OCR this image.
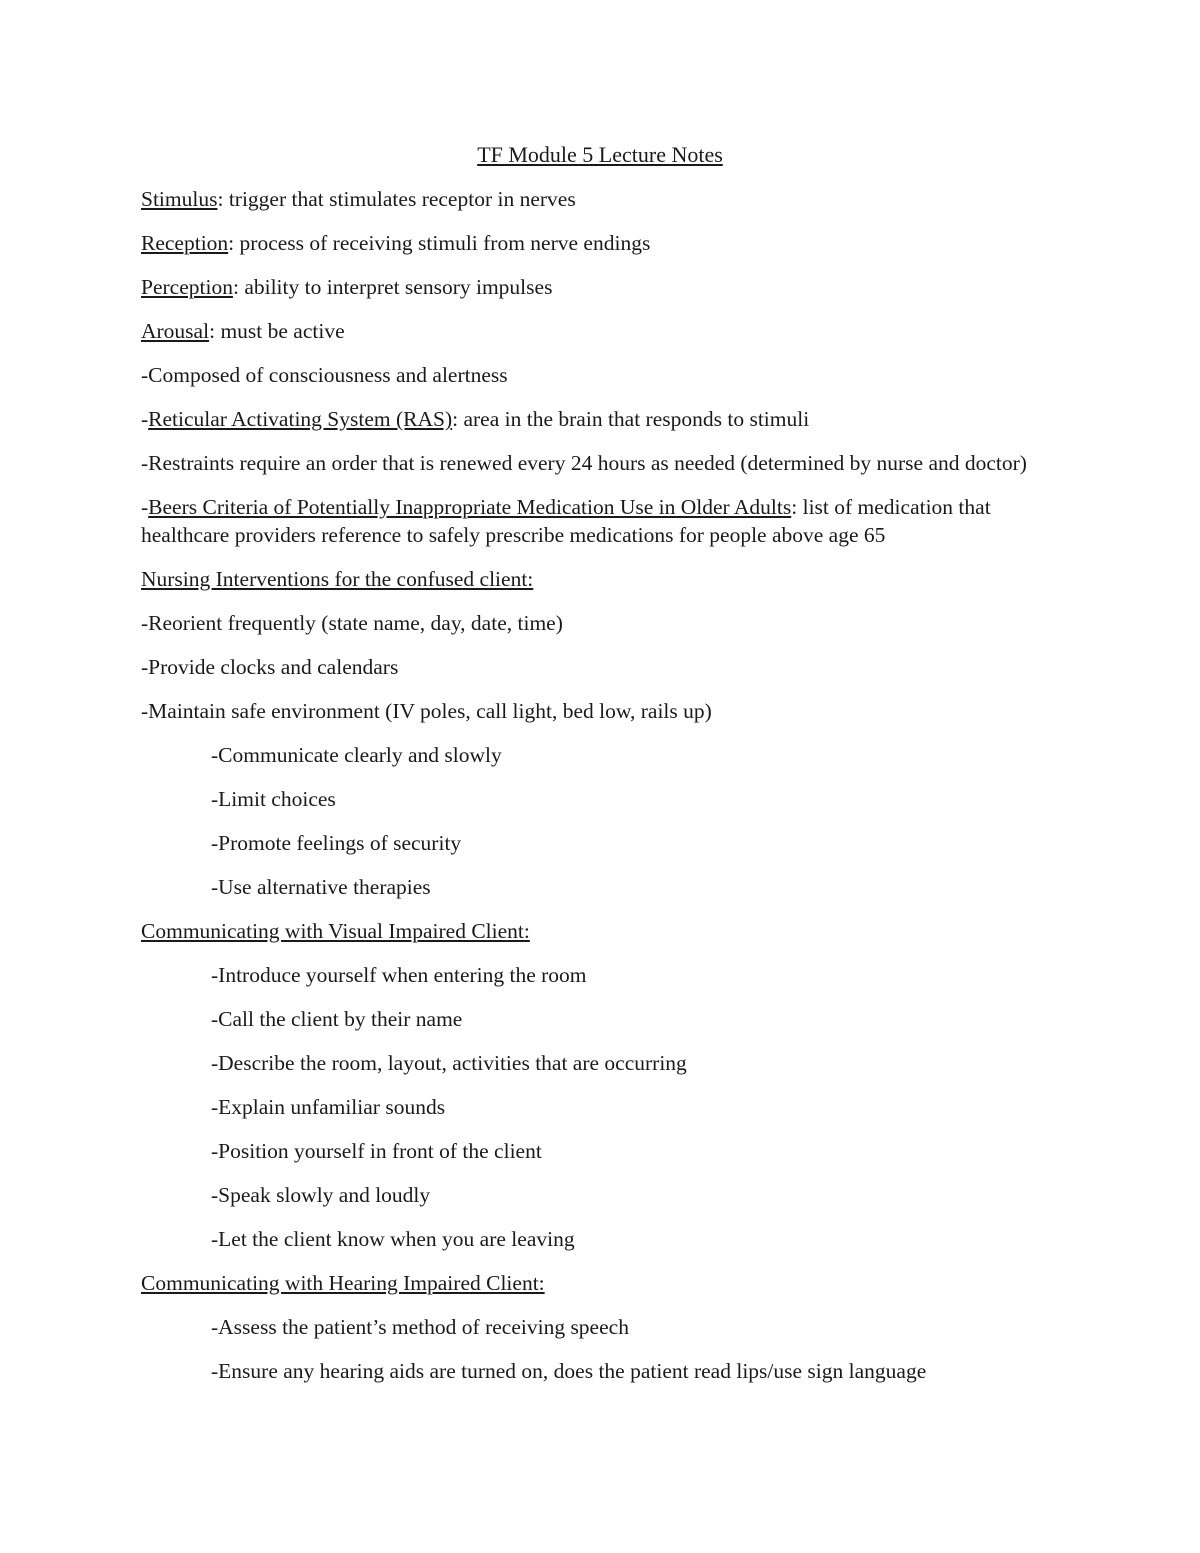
TF Module 5 Lecture Notes

Stimulus: trigger that stimulates receptor in nerves

Reception: process of receiving stimuli from nerve endings

Perception: ability to interpret sensory impulses

Arousal: must be active

-Composed of consciousness and alertness

-Reticular Activating System (RAS): area in the brain that responds to stimuli

-Restraints require an order that is renewed every 24 hours as needed (determined by nurse and doctor)

-Beers Criteria of Potentially Inappropriate Medication Use in Older Adults: list of medication that healthcare providers reference to safely prescribe medications for people above age 65

Nursing Interventions for the confused client:

-Reorient frequently (state name, day, date, time)

-Provide clocks and calendars

-Maintain safe environment (IV poles, call light, bed low, rails up)

-Communicate clearly and slowly

-Limit choices

-Promote feelings of security

-Use alternative therapies

Communicating with Visual Impaired Client:

-Introduce yourself when entering the room

-Call the client by their name

-Describe the room, layout, activities that are occurring

-Explain unfamiliar sounds

-Position yourself in front of the client

-Speak slowly and loudly

-Let the client know when you are leaving

Communicating with Hearing Impaired Client:

-Assess the patient’s method of receiving speech

-Ensure any hearing aids are turned on, does the patient read lips/use sign language
